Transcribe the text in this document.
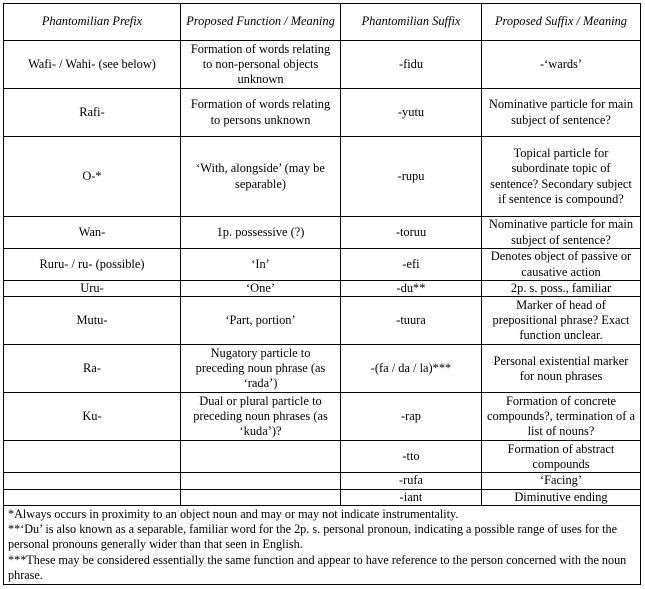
Phantomilian Prefix	Proposed Function / Meaning	Phantomilian Suffix	Proposed Suffix / Meaning
Wafi- / Wahi- (see below)	Formation of words relating to non-personal objects unknown	-fidu	-‘wards’
Rafi-	Formation of words relating to persons unknown	-yutu	Nominative particle for main subject of sentence?
O-*	‘With, alongside’ (may be separable)	-rupu	Topical particle for subordinate topic of sentence? Secondary subject if sentence is compound?
Wan-	1p. possessive (?)	-toruu	Nominative particle for main subject of sentence?
Ruru- / ru- (possible)	‘In’	-efi	Denotes object of passive or causative action
Uru-	‘One’	-du**	2p. s. poss., familiar
Mutu-	‘Part, portion’	-tuura	Marker of head of prepositional phrase? Exact function unclear.
Ra-	Nugatory particle to preceding noun phrase (as ‘rada’)	-(fa / da / la)***	Personal existential marker for noun phrases
Ku-	Dual or plural particle to preceding noun phrases (as ‘kuda’)?	-rap	Formation of concrete compounds?, termination of a list of nouns?
		-tto	Formation of abstract compounds
		-rufa	‘Facing’
		-iant	Diminutive ending

*Always occurs in proximity to an object noun and may or may not indicate instrumentality.
**‘Du’ is also known as a separable, familiar word for the 2p. s. personal pronoun, indicating a possible range of uses for the personal pronouns generally wider than that seen in English.
***These may be considered essentially the same function and appear to have reference to the person concerned with the noun phrase.			
